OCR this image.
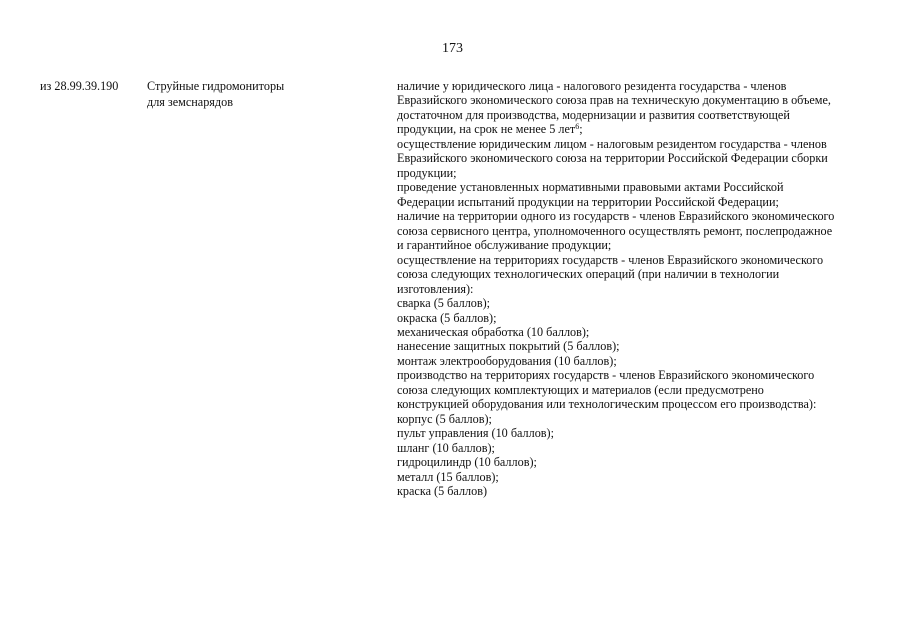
173
из 28.99.39.190 Струйные гидромониторы
для земснарядов
наличие у юридического лица - налогового резидента государства - членов
Евразийского экономического союза прав на техническую документацию в объеме,
достаточном для производства, модернизации и развития соответствующей
продукции, на срок не менее 5 лет$^6$;
осуществление юридическим лицом - налоговым резидентом государства - членов
Евразийского экономического союза на территории Российской Федерации сборки
продукции;
проведение установленных нормативными правовыми актами Российской
Федерации испытаний продукции на территории Российской Федерации;
наличие на территории одного из государств - членов Евразийского экономического
союза сервисного центра, уполномоченного осуществлять ремонт, послепродажное
и гарантийное обслуживание продукции;
осуществление на территориях государств - членов Евразийского экономического
союза следующих технологических операций (при наличии в технологии
изготовления):
сварка (5 баллов);
окраска (5 баллов);
механическая обработка (10 баллов);
нанесение защитных покрытий (5 баллов);
монтаж электрооборудования (10 баллов);
производство на территориях государств - членов Евразийского экономического
союза следующих комплектующих и материалов (если предусмотрено
конструкцией оборудования или технологическим процессом его производства):
корпус (5 баллов);
пульт управления (10 баллов);
шланг (10 баллов);
гидроцилиндр (10 баллов);
металл (15 баллов);
краска (5 баллов)
